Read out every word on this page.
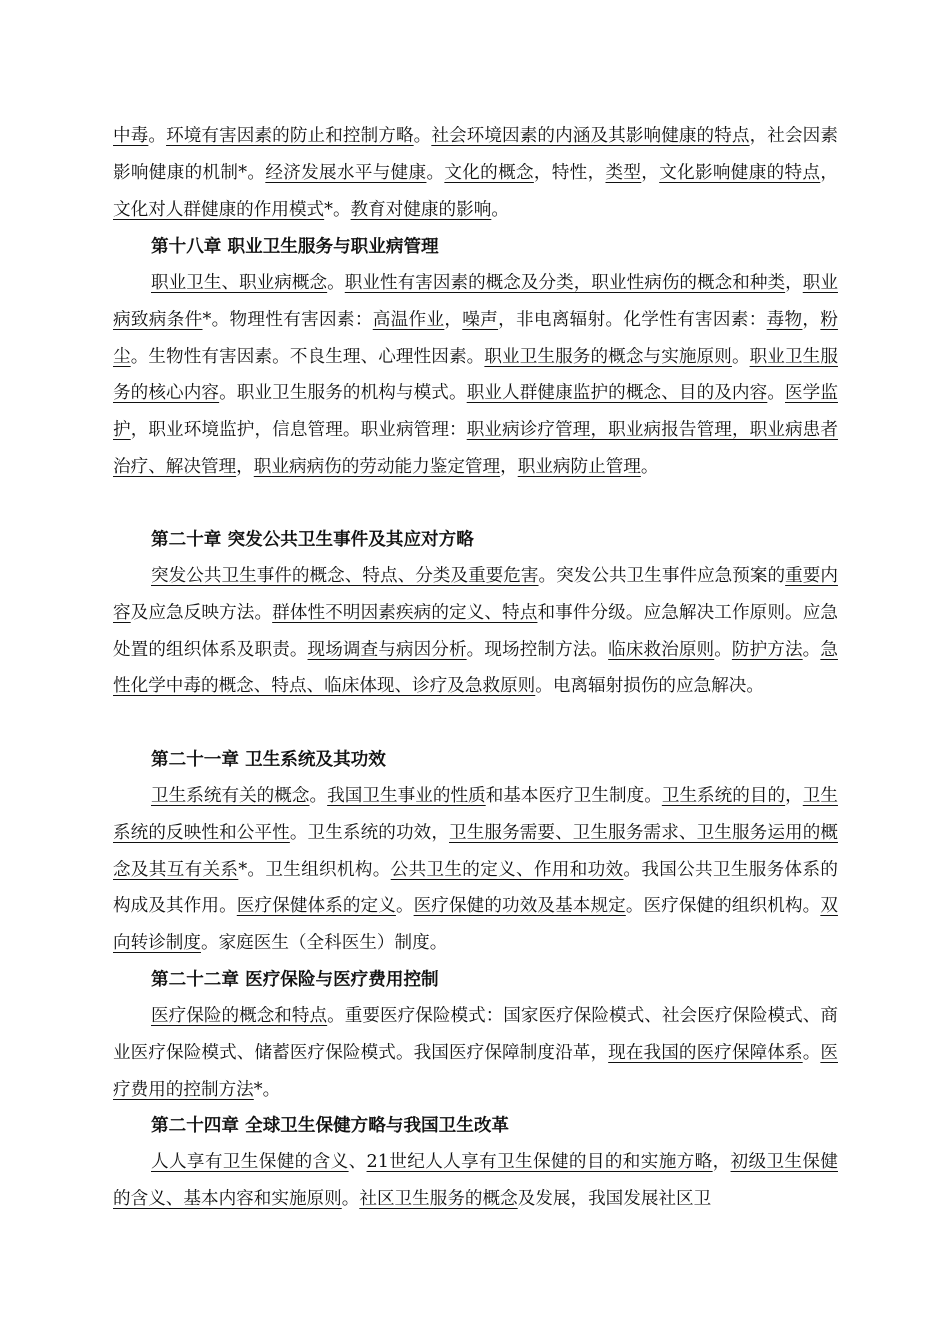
中毒。环境有害因素的防止和控制方略。社会环境因素的内涵及其影响健康的特点，社会因素影响健康的机制*。经济发展水平与健康。文化的概念，特性，类型，文化影响健康的特点，文化对人群健康的作用模式*。教育对健康的影响。

第十八章 职业卫生服务与职业病管理

职业卫生、职业病概念。职业性有害因素的概念及分类，职业性病伤的概念和种类，职业病致病条件*。物理性有害因素：高温作业，噪声，非电离辐射。化学性有害因素：毒物，粉尘。生物性有害因素。不良生理、心理性因素。职业卫生服务的概念与实施原则。职业卫生服务的核心内容。职业卫生服务的机构与模式。职业人群健康监护的概念、目的及内容。医学监护，职业环境监护，信息管理。职业病管理：职业病诊疗管理，职业病报告管理，职业病患者治疗、解决管理，职业病病伤的劳动能力鉴定管理，职业病防止管理。

第二十章 突发公共卫生事件及其应对方略

突发公共卫生事件的概念、特点、分类及重要危害。突发公共卫生事件应急预案的重要内容及应急反映方法。群体性不明因素疾病的定义、特点和事件分级。应急解决工作原则。应急处置的组织体系及职责。现场调查与病因分析。现场控制方法。临床救治原则。防护方法。急性化学中毒的概念、特点、临床体现、诊疗及急救原则。电离辐射损伤的应急解决。

第二十一章 卫生系统及其功效

卫生系统有关的概念。我国卫生事业的性质和基本医疗卫生制度。卫生系统的目的，卫生系统的反映性和公平性。卫生系统的功效，卫生服务需要、卫生服务需求、卫生服务运用的概念及其互有关系*。卫生组织机构。公共卫生的定义、作用和功效。我国公共卫生服务体系的构成及其作用。医疗保健体系的定义。医疗保健的功效及基本规定。医疗保健的组织机构。双向转诊制度。家庭医生（全科医生）制度。

第二十二章 医疗保险与医疗费用控制

医疗保险的概念和特点。重要医疗保险模式：国家医疗保险模式、社会医疗保险模式、商业医疗保险模式、储蓄医疗保险模式。我国医疗保障制度沿革，现在我国的医疗保障体系。医疗费用的控制方法*。

第二十四章 全球卫生保健方略与我国卫生改革

人人享有卫生保健的含义、21世纪人人享有卫生保健的目的和实施方略，初级卫生保健的含义、基本内容和实施原则。社区卫生服务的概念及发展，我国发展社区卫
